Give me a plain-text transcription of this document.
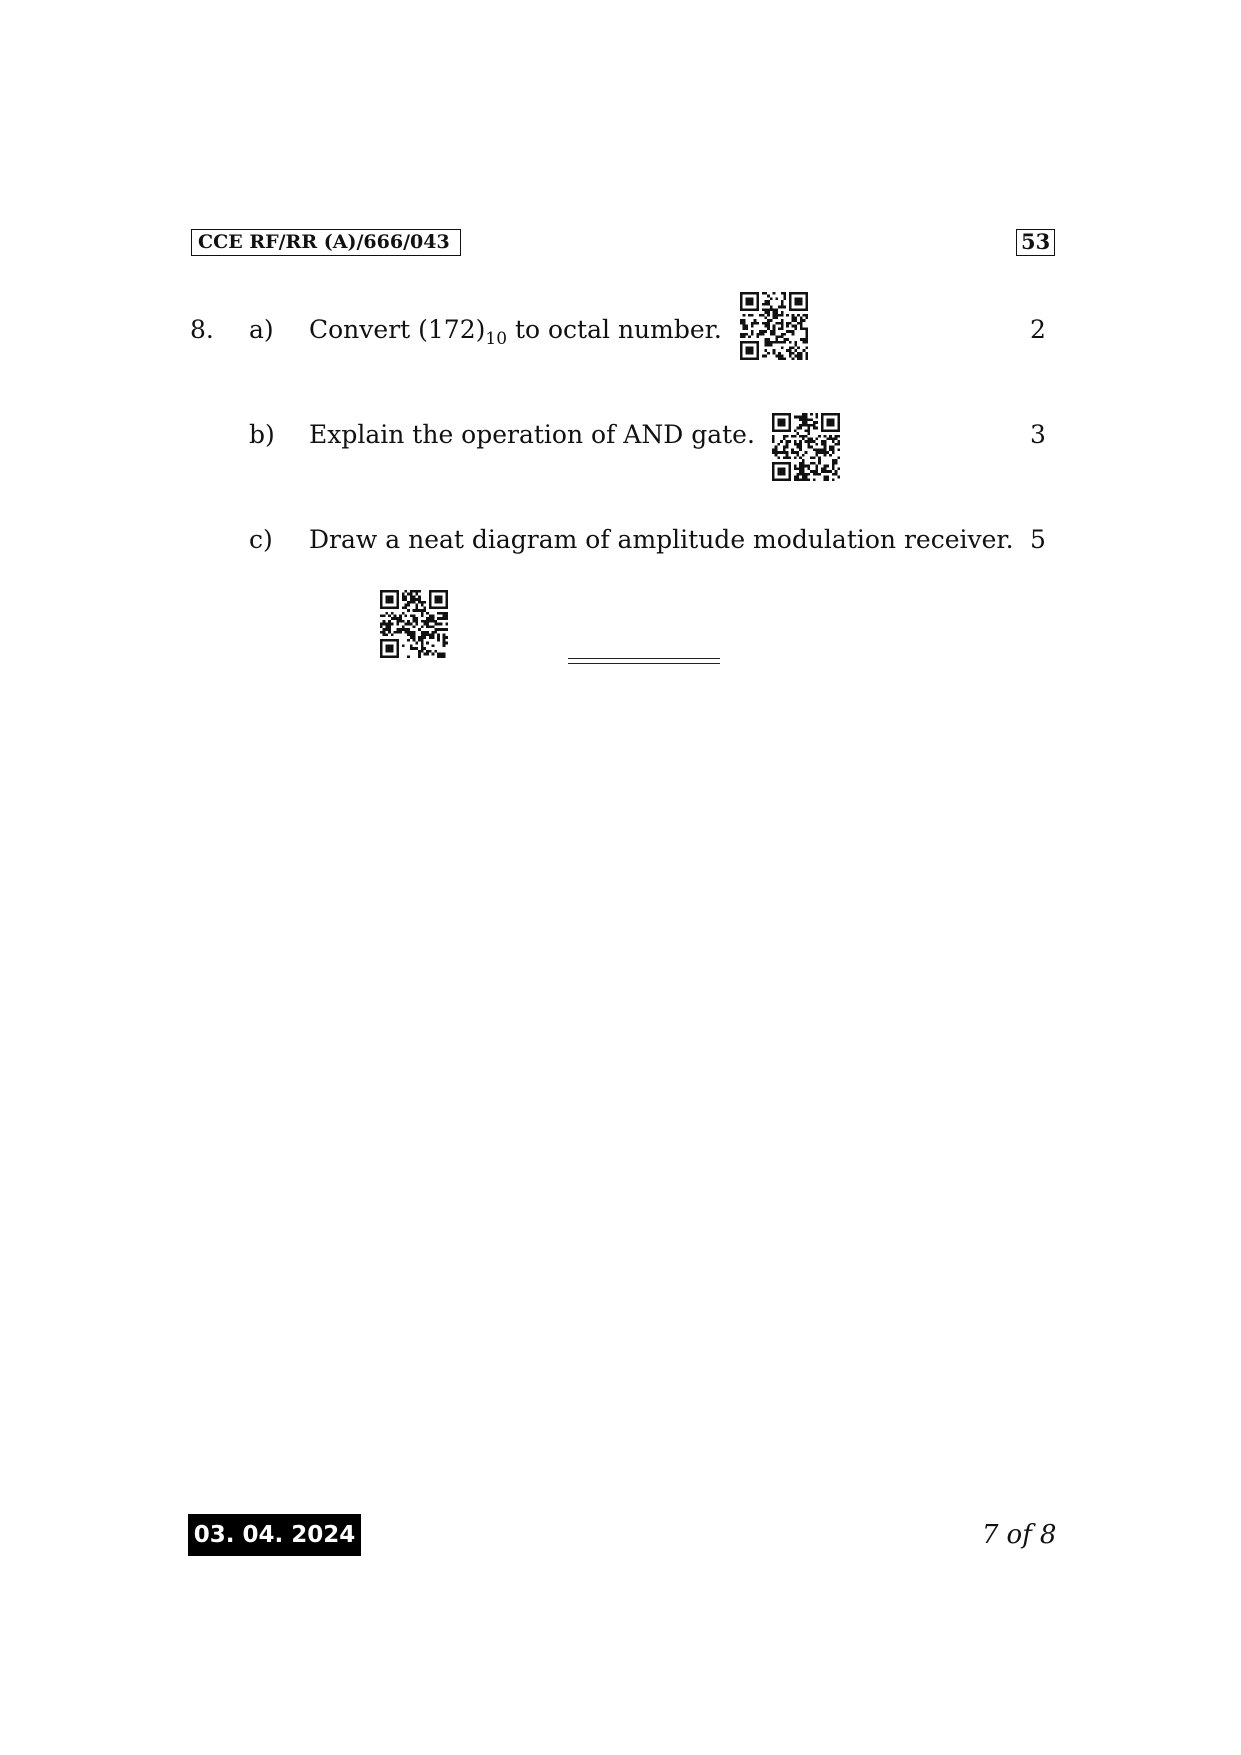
CCE RF/RR (A)/666/043	53
8. a) Convert $(172)_{10}$ to octal number.	2
b) Explain the operation of AND gate.	3
c) Draw a neat diagram of amplitude modulation receiver. 5
03. 04. 2024	7 of 8
